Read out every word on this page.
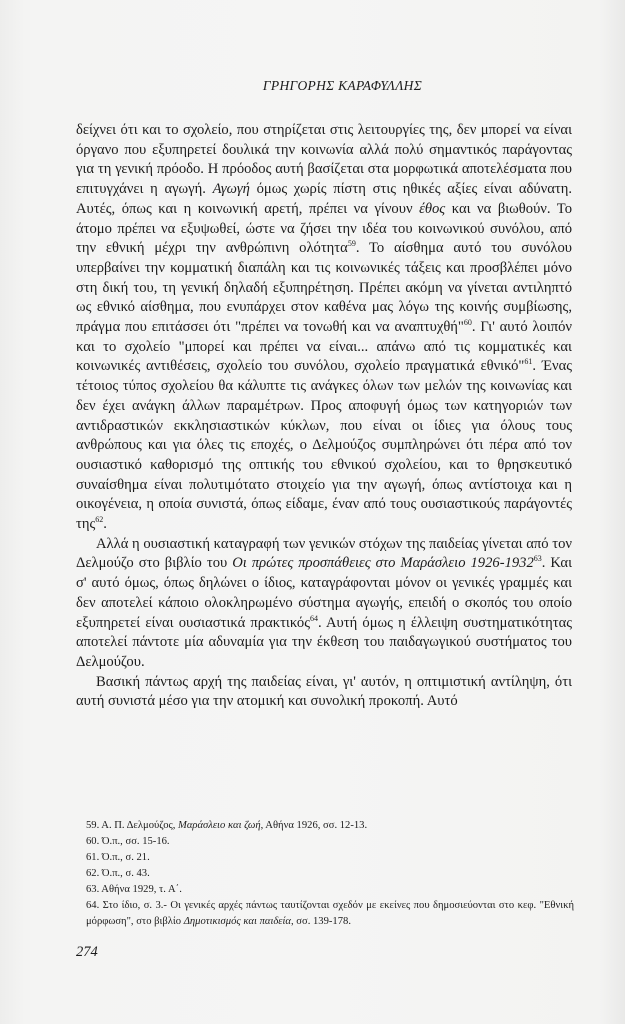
ΓΡΗΓΟΡΗΣ ΚΑΡΑΦΥΛΛΗΣ

δείχνει ότι και το σχολείο, που στηρίζεται στις λειτουργίες της, δεν μπορεί να είναι όργανο που εξυπηρετεί δουλικά την κοινωνία αλλά πολύ σημαντικός παράγοντας για τη γενική πρόοδο. Η πρόοδος αυτή βασίζεται στα μορφωτικά αποτελέσματα που επιτυγχάνει η αγωγή. Αγωγή όμως χωρίς πίστη στις ηθικές αξίες είναι αδύνατη. Αυτές, όπως και η κοινωνική αρετή, πρέπει να γίνουν έθος και να βιωθούν. Το άτομο πρέπει να εξυψωθεί, ώστε να ζήσει την ιδέα του κοινωνικού συνόλου, από την εθνική μέχρι την ανθρώπινη ολότητα$^{59}$. Το αίσθημα αυτό του συνόλου υπερβαίνει την κομματική διαπάλη και τις κοινωνικές τάξεις και προσβλέπει μόνο στη δική του, τη γενική δηλαδή εξυπηρέτηση. Πρέπει ακόμη να γίνεται αντιληπτό ως εθνικό αίσθημα, που ενυπάρχει στον καθένα μας λόγω της κοινής συμβίωσης, πράγμα που επιτάσσει ότι "πρέπει να τονωθή και να αναπτυχθή"$^{60}$. Γι' αυτό λοιπόν και το σχολείο "μπορεί και πρέπει να είναι... απάνω από τις κομματικές και κοινωνικές αντιθέσεις, σχολείο του συνόλου, σχολείο πραγματικά εθνικό"$^{61}$. Ένας τέτοιος τύπος σχολείου θα κάλυπτε τις ανάγκες όλων των μελών της κοινωνίας και δεν έχει ανάγκη άλλων παραμέτρων. Προς αποφυγή όμως των κατηγοριών των αντιδραστικών εκκλησιαστικών κύκλων, που είναι οι ίδιες για όλους τους ανθρώπους και για όλες τις εποχές, ο Δελμούζος συμπληρώνει ότι πέρα από τον ουσιαστικό καθορισμό της οπτικής του εθνικού σχολείου, και το θρησκευτικό συναίσθημα είναι πολυτιμότατο στοιχείο για την αγωγή, όπως αντίστοιχα και η οικογένεια, η οποία συνιστά, όπως είδαμε, έναν από τους ουσιαστικούς παράγοντές της$^{62}$.

Αλλά η ουσιαστική καταγραφή των γενικών στόχων της παιδείας γίνεται από τον Δελμούζο στο βιβλίο του Οι πρώτες προσπάθειες στο Μαράσλειο 1926-1932$^{63}$. Και σ' αυτό όμως, όπως δηλώνει ο ίδιος, καταγράφονται μόνον οι γενικές γραμμές και δεν αποτελεί κάποιο ολοκληρωμένο σύστημα αγωγής, επειδή ο σκοπός του οποίο εξυπηρετεί είναι ουσιαστικά πρακτικός$^{64}$. Αυτή όμως η έλλειψη συστηματικότητας αποτελεί πάντοτε μία αδυναμία για την έκθεση του παιδαγωγικού συστήματος του Δελμούζου.

Βασική πάντως αρχή της παιδείας είναι, γι' αυτόν, η οπτιμιστική αντίληψη, ότι αυτή συνιστά μέσο για την ατομική και συνολική προκοπή. Αυτό

59. Α. Π. Δελμούζος, Μαράσλειο και ζωή, Αθήνα 1926, σσ. 12-13.

60. Ό.π., σσ. 15-16.

61. Ό.π., σ. 21.

62. Ό.π., σ. 43.

63. Αθήνα 1929, τ. Α΄.

64. Στο ίδιο, σ. 3.- Οι γενικές αρχές πάντως ταυτίζονται σχεδόν με εκείνες που δημοσιεύονται στο κεφ. "Εθνική μόρφωση", στο βιβλίο Δημοτικισμός και παιδεία, σσ. 139-178.

274
